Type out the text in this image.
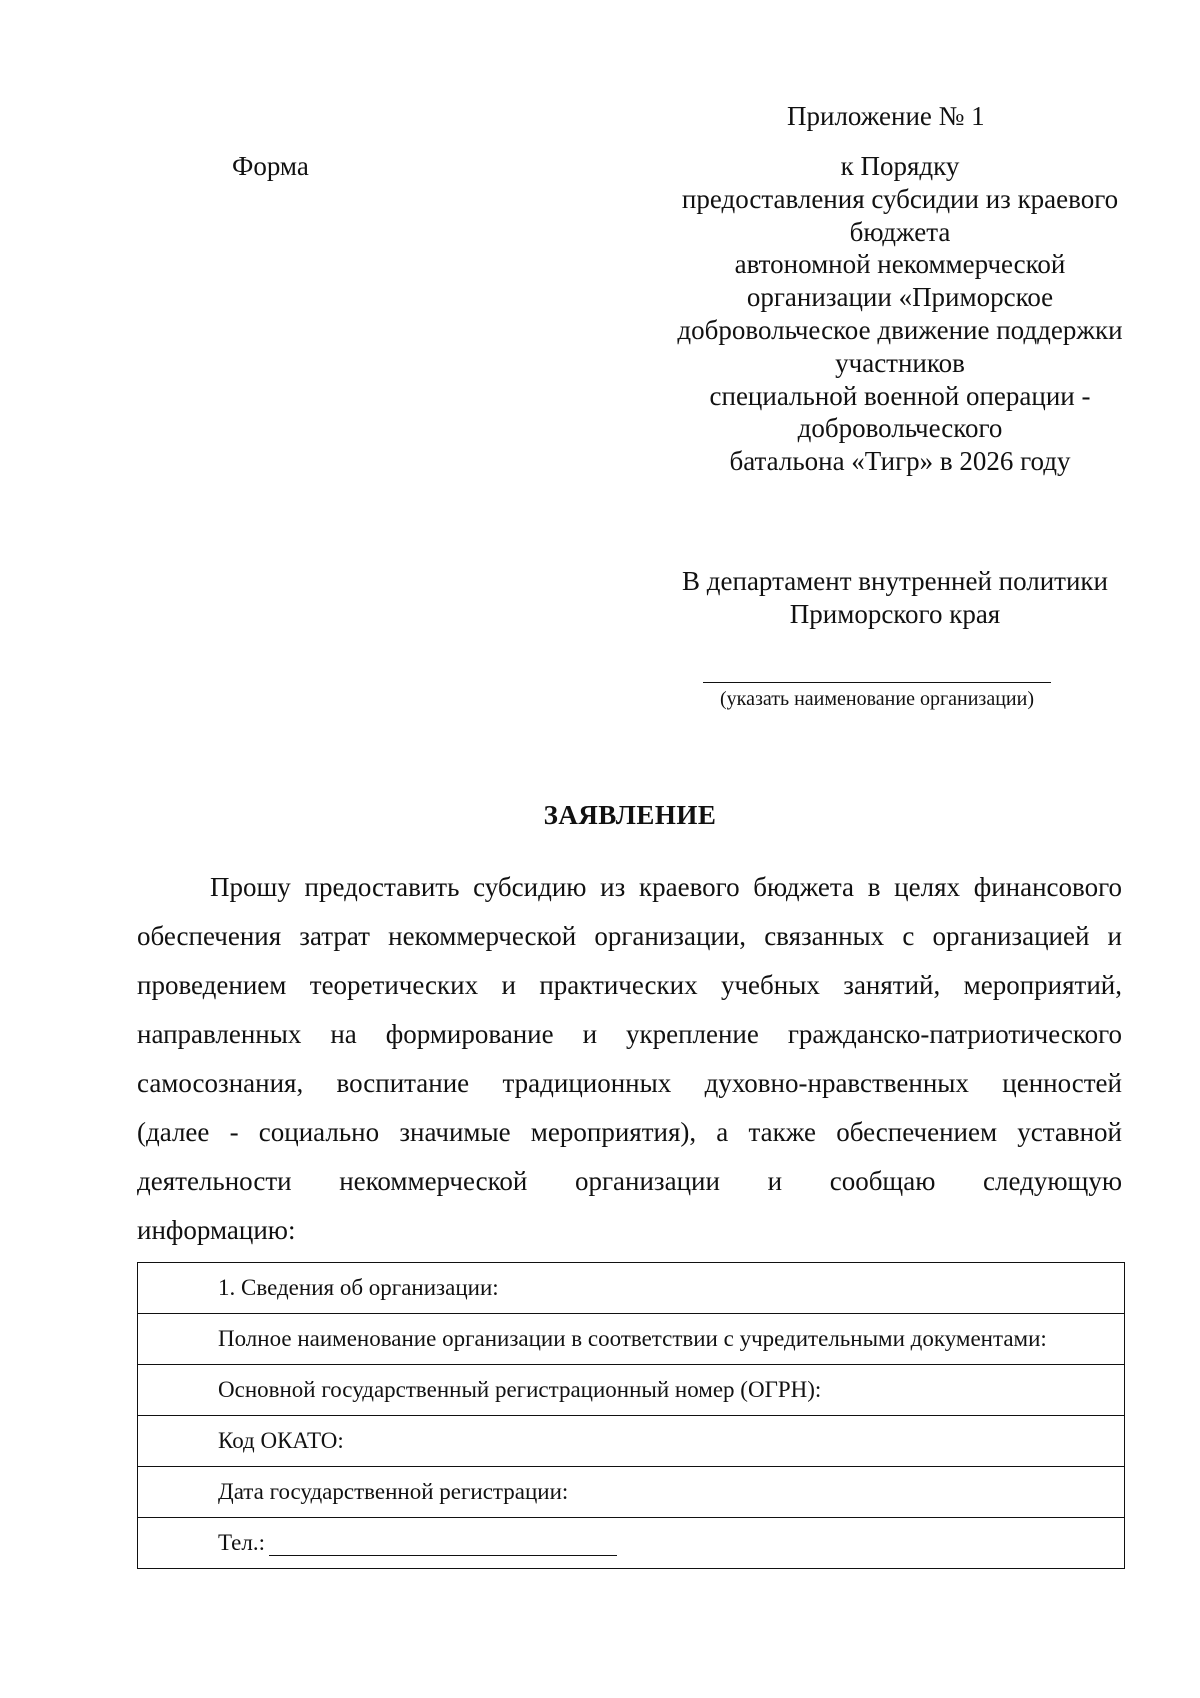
Приложение № 1
Форма	к Порядку
предоставления субсидии из краевого
бюджета
автономной некоммерческой
организации «Приморское
добровольческое движение поддержки
участников
специальной военной операции -
добровольческого
батальона «Тигр» в 2026 году
В департамент внутренней политики
Приморского края
(указать наименование организации)
ЗАЯВЛЕНИЕ
Прошу предоставить субсидию из краевого бюджета в целях финансового
обеспечения затрат некоммерческой организации, связанных с организацией и
проведением теоретических и практических учебных занятий, мероприятий,
направленных на формирование и укрепление гражданско-патриотического
самосознания, воспитание традиционных духовно-нравственных ценностей
(далее - социально значимые мероприятия), а также обеспечением уставной
деятельности некоммерческой организации и сообщаю следующую
информацию:
1. Сведения об организации:
Полное наименование организации в соответствии с учредительными документами:
Основной государственный регистрационный номер (ОГРН):
Код ОКАТО:
Дата государственной регистрации:
Тел.:
